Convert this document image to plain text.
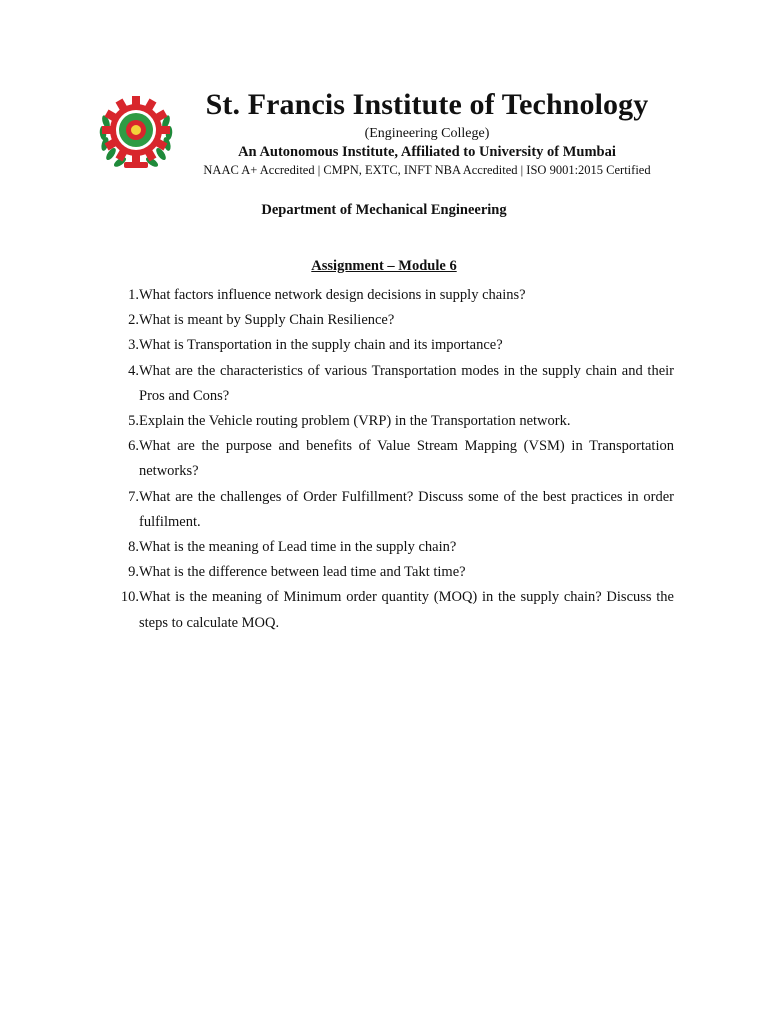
St. Francis Institute of Technology
(Engineering College)
An Autonomous Institute, Affiliated to University of Mumbai
NAAC A+ Accredited | CMPN, EXTC, INFT NBA Accredited | ISO 9001:2015 Certified
Department of Mechanical Engineering
Assignment – Module 6
1. What factors influence network design decisions in supply chains?
2. What is meant by Supply Chain Resilience?
3. What is Transportation in the supply chain and its importance?
4. What are the characteristics of various Transportation modes in the supply chain and their Pros and Cons?
5. Explain the Vehicle routing problem (VRP) in the Transportation network.
6. What are the purpose and benefits of Value Stream Mapping (VSM) in Transportation networks?
7. What are the challenges of Order Fulfillment? Discuss some of the best practices in order fulfilment.
8. What is the meaning of Lead time in the supply chain?
9. What is the difference between lead time and Takt time?
10. What is the meaning of Minimum order quantity (MOQ) in the supply chain? Discuss the steps to calculate MOQ.
